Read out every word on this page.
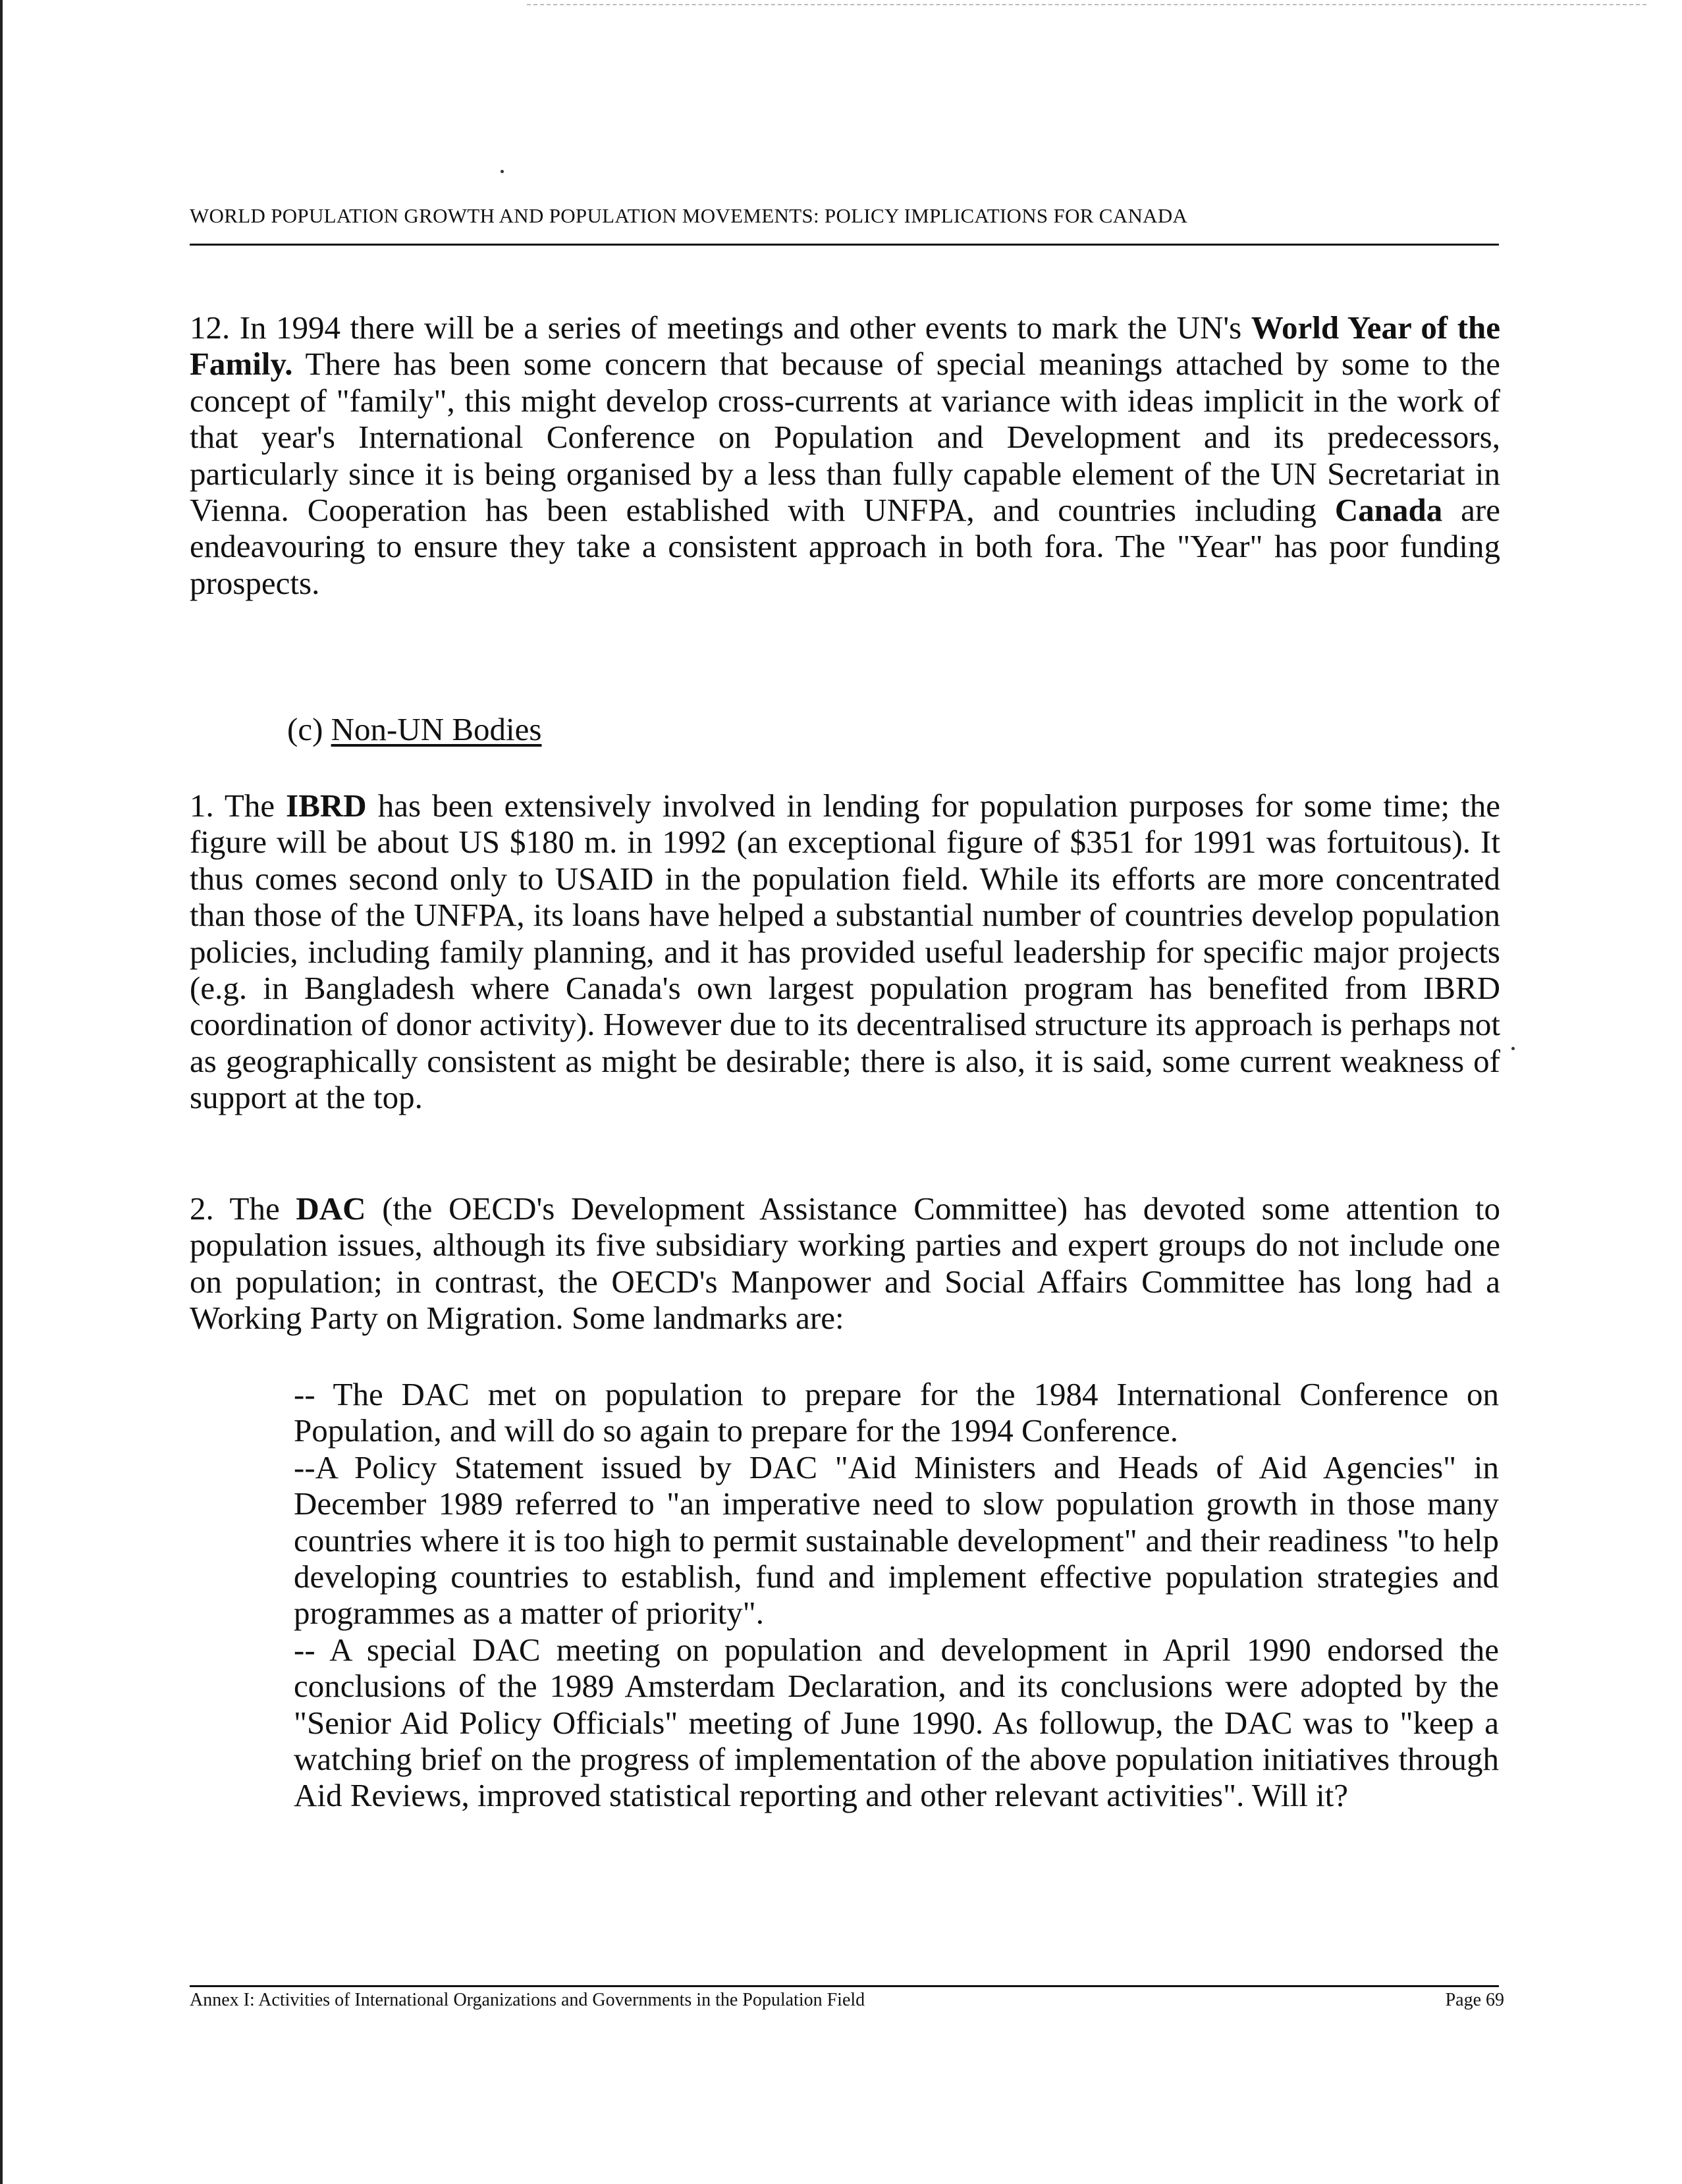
WORLD POPULATION GROWTH AND POPULATION MOVEMENTS: POLICY IMPLICATIONS FOR CANADA

12. In 1994 there will be a series of meetings and other events to mark the UN's World Year of the Family. There has been some concern that because of special meanings attached by some to the concept of "family", this might develop cross-currents at variance with ideas implicit in the work of that year's International Conference on Population and Development and its predecessors, particularly since it is being organised by a less than fully capable element of the UN Secretariat in Vienna. Cooperation has been established with UNFPA, and countries including Canada are endeavouring to ensure they take a consistent approach in both fora. The "Year" has poor funding prospects.

(c) Non-UN Bodies

1. The IBRD has been extensively involved in lending for population purposes for some time; the figure will be about US $180 m. in 1992 (an exceptional figure of $351 for 1991 was fortuitous). It thus comes second only to USAID in the population field. While its efforts are more concentrated than those of the UNFPA, its loans have helped a substantial number of countries develop population policies, including family planning, and it has provided useful leadership for specific major projects (e.g. in Bangladesh where Canada's own largest population program has benefited from IBRD coordination of donor activity). However due to its decentralised structure its approach is perhaps not as geographically consistent as might be desirable; there is also, it is said, some current weakness of support at the top.

2. The DAC (the OECD's Development Assistance Committee) has devoted some attention to population issues, although its five subsidiary working parties and expert groups do not include one on population; in contrast, the OECD's Manpower and Social Affairs Committee has long had a Working Party on Migration. Some landmarks are:

-- The DAC met on population to prepare for the 1984 International Conference on Population, and will do so again to prepare for the 1994 Conference.

--A Policy Statement issued by DAC "Aid Ministers and Heads of Aid Agencies" in December 1989 referred to "an imperative need to slow population growth in those many countries where it is too high to permit sustainable development" and their readiness "to help developing countries to establish, fund and implement effective population strategies and programmes as a matter of priority".

-- A special DAC meeting on population and development in April 1990 endorsed the conclusions of the 1989 Amsterdam Declaration, and its conclusions were adopted by the "Senior Aid Policy Officials" meeting of June 1990. As followup, the DAC was to "keep a watching brief on the progress of implementation of the above population initiatives through Aid Reviews, improved statistical reporting and other relevant activities". Will it?

Annex I: Activities of International Organizations and Governments in the Population Field	Page 69
